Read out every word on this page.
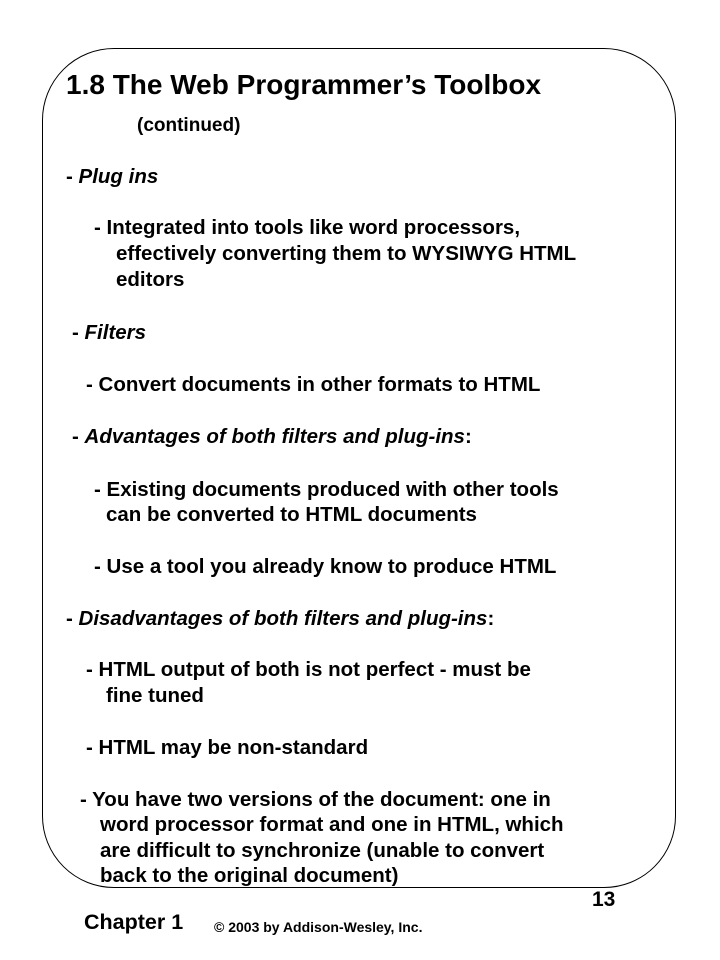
1.8 The Web Programmer’s Toolbox
(continued)
- Plug ins
- Integrated into tools like word processors,
effectively converting them to WYSIWYG HTML
editors
- Filters
- Convert documents in other formats to HTML
- Advantages of both filters and plug-ins:
- Existing documents produced with other tools
can be converted to HTML documents
- Use a tool you already know to produce HTML
- Disadvantages of both filters and plug-ins:
- HTML output of both is not perfect - must be
fine tuned
- HTML may be non-standard
- You have two versions of the document: one in
word processor format and one in HTML, which
are difficult to synchronize (unable to convert
back to the original document)
Chapter 1 © 2003 by Addison-Wesley, Inc.
13
